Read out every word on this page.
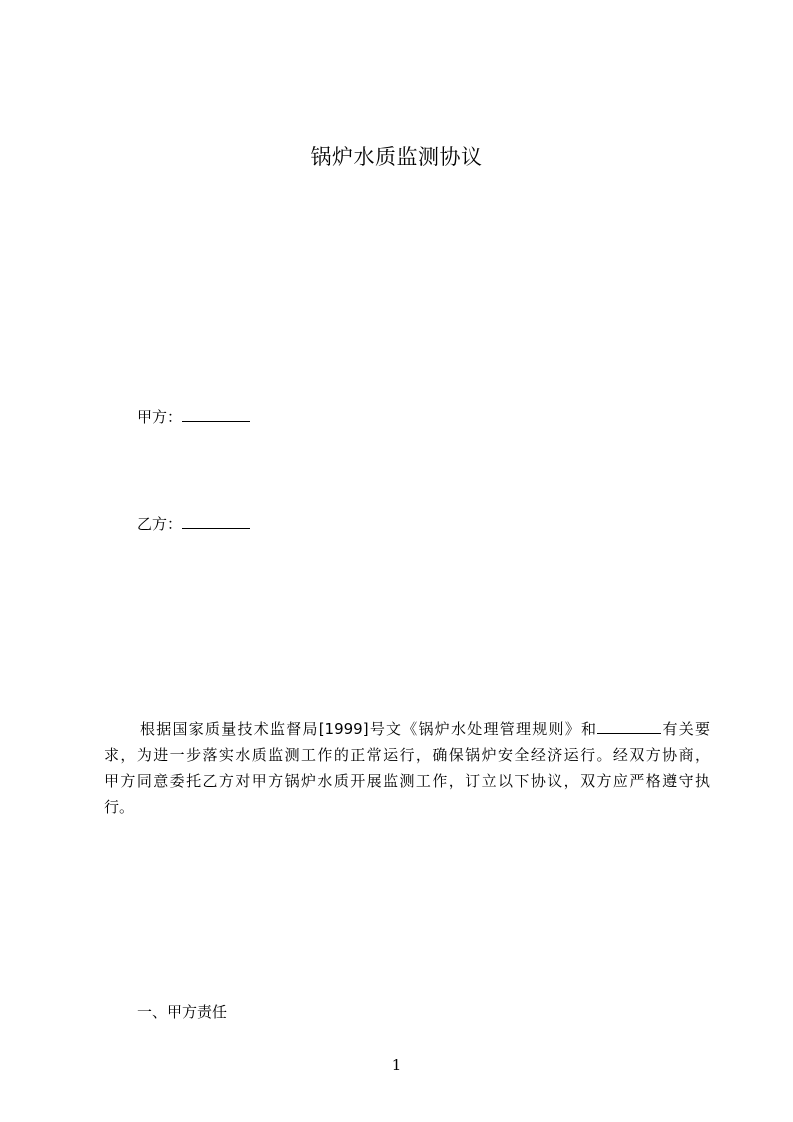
锅炉水质监测协议
甲方：
乙方：
根据国家质量技术监督局[1999]号文《锅炉水处理管理规则》和	有关要
求，为进一步落实水质监测工作的正常运行，确保锅炉安全经济运行。经双方协商，
甲方同意委托乙方对甲方锅炉水质开展监测工作，订立以下协议，双方应严格遵守执
行。
一、甲方责任
1
